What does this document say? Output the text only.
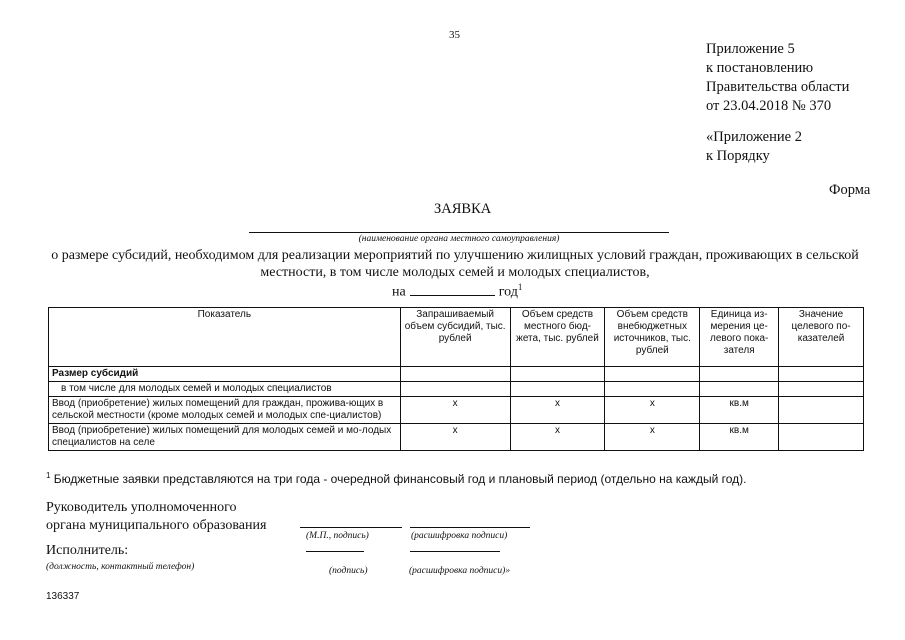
35
Приложение 5
к постановлению
Правительства области
от 23.04.2018 № 370
«Приложение 2
к Порядку
Форма
ЗАЯВКА
(наименование органа местного самоуправления)
о размере субсидий, необходимом для реализации мероприятий по улучшению жилищных условий граждан, проживающих в сельской местности, в том числе молодых семей и молодых специалистов,
на	год$^1$
Показатель	Запрашиваемый объем субсидий, тыс. рублей	Объем средств местного бюд-жета, тыс. рублей	Объем средств внебюджетных источников, тыс. рублей	Единица из-мерения це-левого пока-зателя	Значение целевого по-казателей
Размер субсидий					
в том числе для молодых семей и молодых специалистов					
Ввод (приобретение) жилых помещений для граждан, прожива-ющих в сельской местности (кроме молодых семей и молодых спе-циалистов)	x	x	x	кв.м	
Ввод (приобретение) жилых помещений для молодых семей и мо-лодых специалистов на селе	x	x	x	кв.м	
$^1$ Бюджетные заявки представляются на три года - очередной финансовый год и плановый период (отдельно на каждый год).
Руководитель уполномоченного
органа муниципального образования
(М.П., подпись)	(расшифровка подписи)
Исполнитель:
(должность, контактный телефон)	(подпись)	(расшифровка подписи)»
136337
